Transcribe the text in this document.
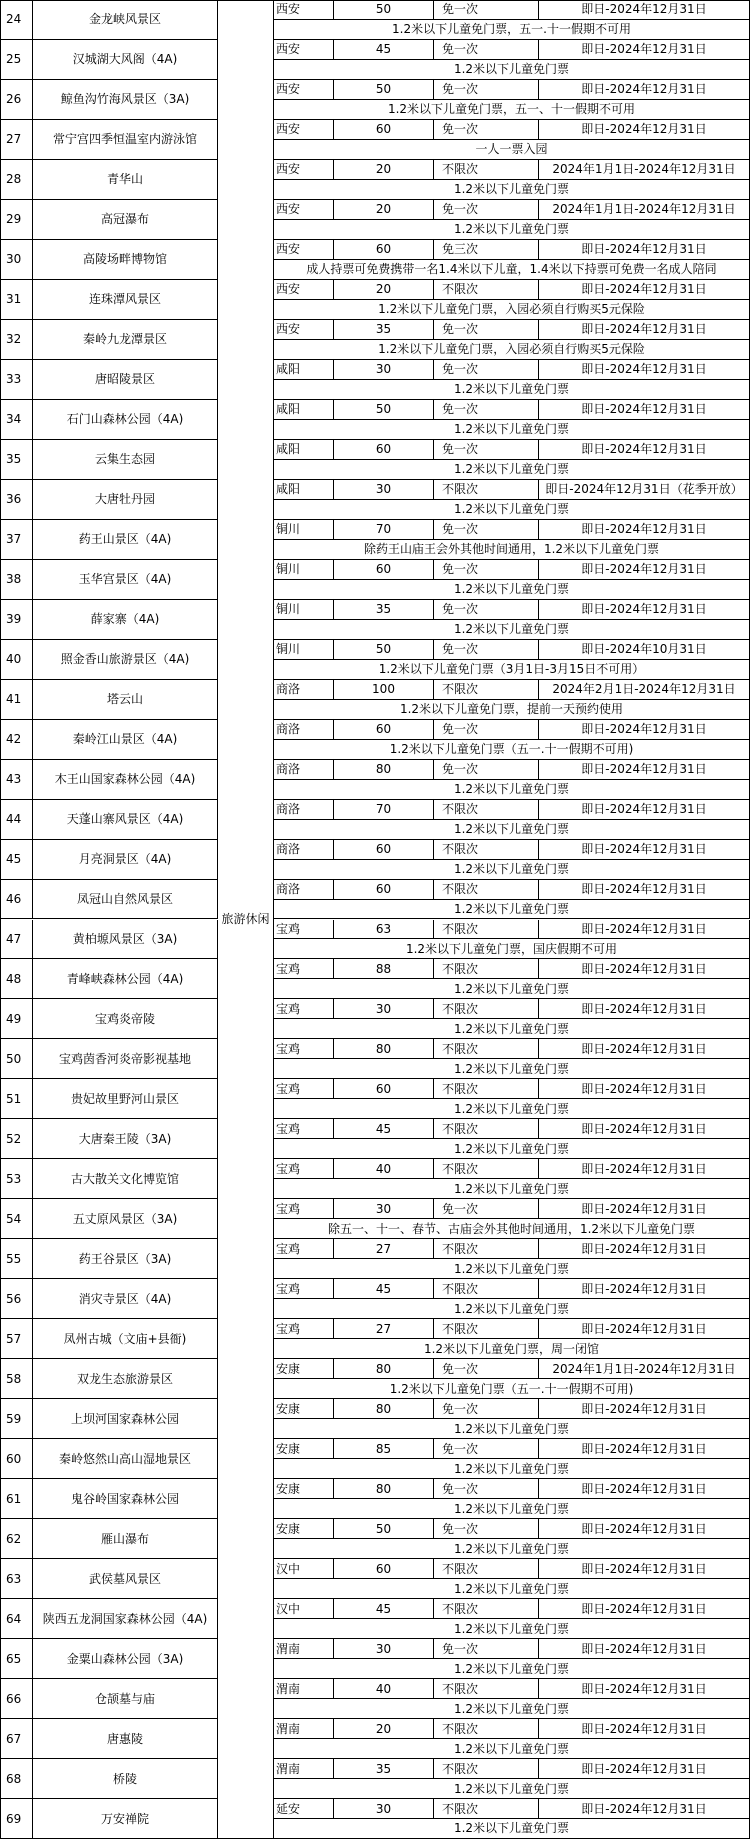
24	金龙峡风景区
西安	50	免一次	即日-2024年12月31日
1.2米以下儿童免门票，五一.十一假期不可用
25	汉城湖大风阁（4A)
西安	45	免一次	即日-2024年12月31日
1.2米以下儿童免门票
26	鲸鱼沟竹海风景区（3A)
西安	50	免一次	即日-2024年12月31日
1.2米以下儿童免门票，五一、十一假期不可用
27	常宁宫四季恒温室内游泳馆
西安	60	免一次	即日-2024年12月31日
一人一票入园
28	青华山
西安	20	不限次	2024年1月1日-2024年12月31日
1.2米以下儿童免门票
29	高冠瀑布
西安	20	免一次	2024年1月1日-2024年12月31日
1.2米以下儿童免门票
30	高陵场畔博物馆
西安	60	免三次	即日-2024年12月31日
成人持票可免费携带一名1.4米以下儿童，1.4米以下持票可免费一名成人陪同
31	连珠潭风景区
西安	20	不限次	即日-2024年12月31日
1.2米以下儿童免门票，入园必须自行购买5元保险
32	秦岭九龙潭景区
西安	35	免一次	即日-2024年12月31日
1.2米以下儿童免门票，入园必须自行购买5元保险
33	唐昭陵景区
咸阳	30	免一次	即日-2024年12月31日
1.2米以下儿童免门票
34	石门山森林公园（4A)
咸阳	50	免一次	即日-2024年12月31日
1.2米以下儿童免门票
35	云集生态园
咸阳	60	免一次	即日-2024年12月31日
1.2米以下儿童免门票
36	大唐牡丹园
咸阳	30	不限次	即日-2024年12月31日（花季开放）
1.2米以下儿童免门票
37	药王山景区（4A)
铜川	70	免一次	即日-2024年12月31日
除药王山庙王会外其他时间通用，1.2米以下儿童免门票
38	玉华宫景区（4A)
铜川	60	免一次	即日-2024年12月31日
1.2米以下儿童免门票
39	薛家寨（4A)
铜川	35	免一次	即日-2024年12月31日
1.2米以下儿童免门票
40	照金香山旅游景区（4A)
铜川	50	免一次	即日-2024年10月31日
1.2米以下儿童免门票（3月1日-3月15日不可用）
41	塔云山
商洛	100	不限次	2024年2月1日-2024年12月31日
1.2米以下儿童免门票，提前一天预约使用
42	秦岭江山景区（4A)
商洛	60	免一次	即日-2024年12月31日
1.2米以下儿童免门票（五一.十一假期不可用)
43	木王山国家森林公园（4A)
商洛	80	免一次	即日-2024年12月31日
1.2米以下儿童免门票
44	天蓬山寨风景区（4A)
商洛	70	不限次	即日-2024年12月31日
1.2米以下儿童免门票
45	月亮洞景区（4A)
商洛	60	不限次	即日-2024年12月31日
1.2米以下儿童免门票
46	凤冠山自然风景区
商洛	60	不限次	即日-2024年12月31日
1.2米以下儿童免门票
47	黄柏塬风景区（3A)
宝鸡	63	不限次	即日-2024年12月31日
1.2米以下儿童免门票，国庆假期不可用
48	青峰峡森林公园（4A)
宝鸡	88	不限次	即日-2024年12月31日
1.2米以下儿童免门票
49	宝鸡炎帝陵
宝鸡	30	不限次	即日-2024年12月31日
1.2米以下儿童免门票
50	宝鸡茵香河炎帝影视基地
宝鸡	80	不限次	即日-2024年12月31日
1.2米以下儿童免门票
51	贵妃故里野河山景区
宝鸡	60	不限次	即日-2024年12月31日
1.2米以下儿童免门票
52	大唐秦王陵（3A)
宝鸡	45	不限次	即日-2024年12月31日
1.2米以下儿童免门票
53	古大散关文化博览馆
宝鸡	40	不限次	即日-2024年12月31日
1.2米以下儿童免门票
54	五丈原风景区（3A)
宝鸡	30	免一次	即日-2024年12月31日
除五一、十一、春节、古庙会外其他时间通用，1.2米以下儿童免门票
55	药王谷景区（3A)
宝鸡	27	不限次	即日-2024年12月31日
1.2米以下儿童免门票
56	消灾寺景区（4A)
宝鸡	45	不限次	即日-2024年12月31日
1.2米以下儿童免门票
57	凤州古城（文庙+县衙)
宝鸡	27	不限次	即日-2024年12月31日
1.2米以下儿童免门票，周一闭馆
58	双龙生态旅游景区
安康	80	免一次	2024年1月1日-2024年12月31日
1.2米以下儿童免门票（五一.十一假期不可用)
59	上坝河国家森林公园
安康	80	免一次	即日-2024年12月31日
1.2米以下儿童免门票
60	秦岭悠然山高山湿地景区
安康	85	免一次	即日-2024年12月31日
1.2米以下儿童免门票
61	鬼谷岭国家森林公园
安康	80	免一次	即日-2024年12月31日
1.2米以下儿童免门票
62	雁山瀑布
安康	50	免一次	即日-2024年12月31日
1.2米以下儿童免门票
63	武侯墓风景区
汉中	60	不限次	即日-2024年12月31日
1.2米以下儿童免门票
64	陕西五龙洞国家森林公园（4A)
汉中	45	不限次	即日-2024年12月31日
1.2米以下儿童免门票
65	金粟山森林公园（3A)
渭南	30	免一次	即日-2024年12月31日
1.2米以下儿童免门票
66	仓颉墓与庙
渭南	40	不限次	即日-2024年12月31日
1.2米以下儿童免门票
67	唐惠陵
渭南	20	不限次	即日-2024年12月31日
1.2米以下儿童免门票
68	桥陵
渭南	35	不限次	即日-2024年12月31日
1.2米以下儿童免门票
69	万安禅院
延安	30	不限次	即日-2024年12月31日
1.2米以下儿童免门票
旅游休闲
